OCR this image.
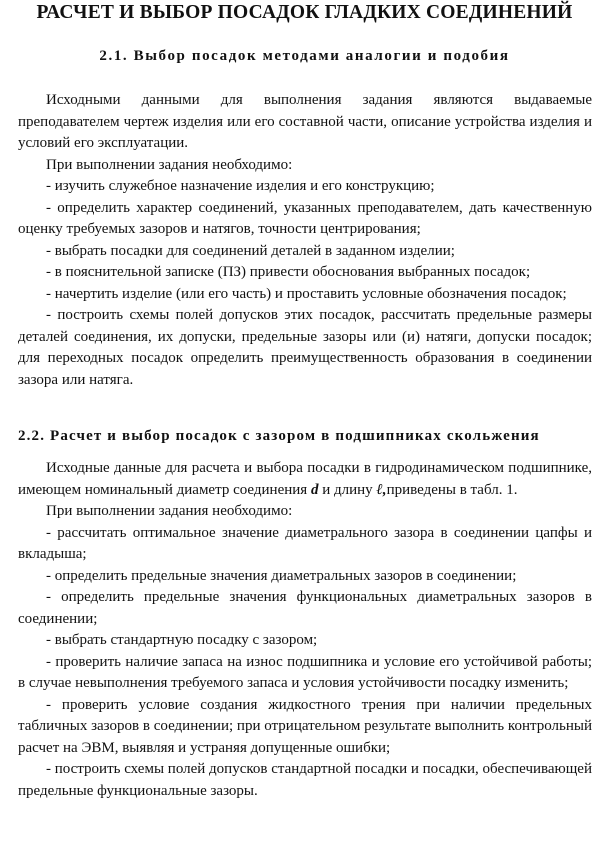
РАСЧЕТ И ВЫБОР ПОСАДОК ГЛАДКИХ СОЕДИНЕНИЙ
2.1. Выбор посадок методами аналогии и подобия

Исходными данными для выполнения задания являются выдаваемые преподавателем чертеж изделия или его составной части, описание устройства изделия и условий его эксплуатации.

При выполнении задания необходимо:

- изучить служебное назначение изделия и его конструкцию;

- определить характер соединений, указанных преподавателем, дать качественную оценку требуемых зазоров и натягов, точности центрирования;

- выбрать посадки для соединений деталей в заданном изделии;

- в пояснительной записке (ПЗ) привести обоснования выбранных посадок;

- начертить изделие (или его часть) и проставить условные обозначения посадок;

- построить схемы полей допусков этих посадок, рассчитать предельные размеры деталей соединения, их допуски, предельные зазоры или (и) натяги, допуски посадок; для переходных посадок определить преимущественность образования в соединении зазора или натяга.

2.2. Расчет и выбор посадок с зазором в подшипниках скольжения

Исходные данные для расчета и выбора посадки в гидродинамическом подшипнике, имеющем номинальный диаметр соединения d и длину ℓ,приведены в табл. 1.

При выполнении задания необходимо:

- рассчитать оптимальное значение диаметрального зазора в соединении цапфы и вкладыша;

- определить предельные значения диаметральных зазоров в соединении;

- определить предельные значения функциональных диаметральных зазоров в соединении;

- выбрать стандартную посадку с зазором;

- проверить наличие запаса на износ подшипника и условие его устойчивой работы; в случае невыполнения требуемого запаса и условия устойчивости посадку изменить;

- проверить условие создания жидкостного трения при наличии предельных табличных зазоров в соединении; при отрицательном результате выполнить контрольный расчет на ЭВМ, выявляя и устраняя допущенные ошибки;

- построить схемы полей допусков стандартной посадки и посадки, обеспечивающей предельные функциональные зазоры.
